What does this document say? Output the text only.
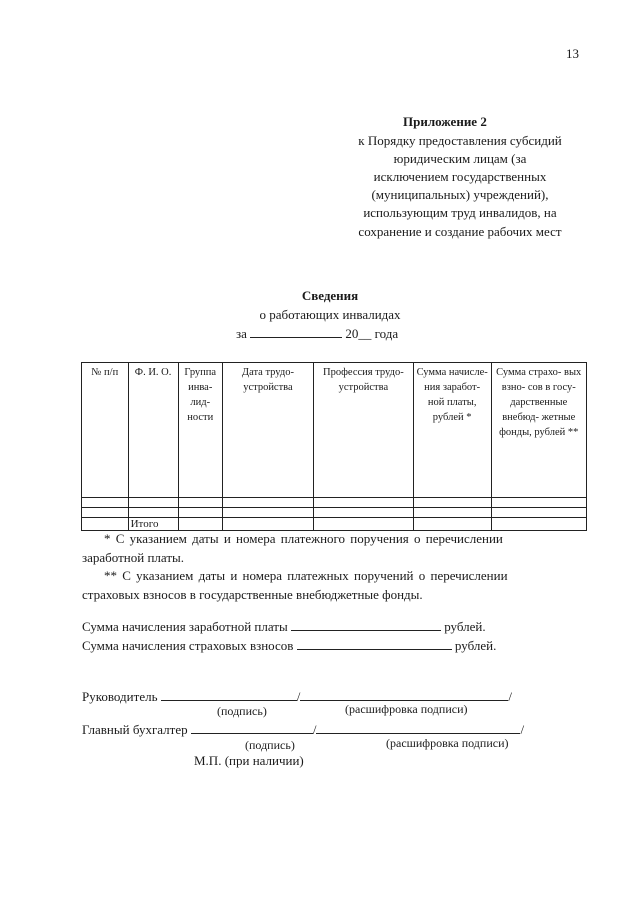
13
Приложение 2
к Порядку предоставления субсидий
юридическим лицам (за
исключением государственных
(муниципальных) учреждений),
использующим труд инвалидов, на
сохранение и создание рабочих мест
Сведения
о работающих инвалидах
за	20__ года
№ п/п	Ф. И. О.	Группа инва- лид- ности	Дата трудо- устройства	Профессия трудо- устройства	Сумма начисле- ния заработ- ной платы, рублей *	Сумма страхо- вых взно- сов в госу- дарственные внебюд- жетные фонды, рублей **

	Итого					
* С указанием даты и номера платежного поручения о перечислении
заработной платы.
** С указанием даты и номера платежных поручений о перечислении
страховых взносов в государственные внебюджетные фонды.
Сумма начисления заработной платы	рублей.
Сумма начисления страховых взносов	рублей.
Руководитель	/	/
(подпись)	(расшифровка подписи)
Главный бухгалтер	/	/
(подпись)	(расшифровка подписи)
М.П. (при наличии)
